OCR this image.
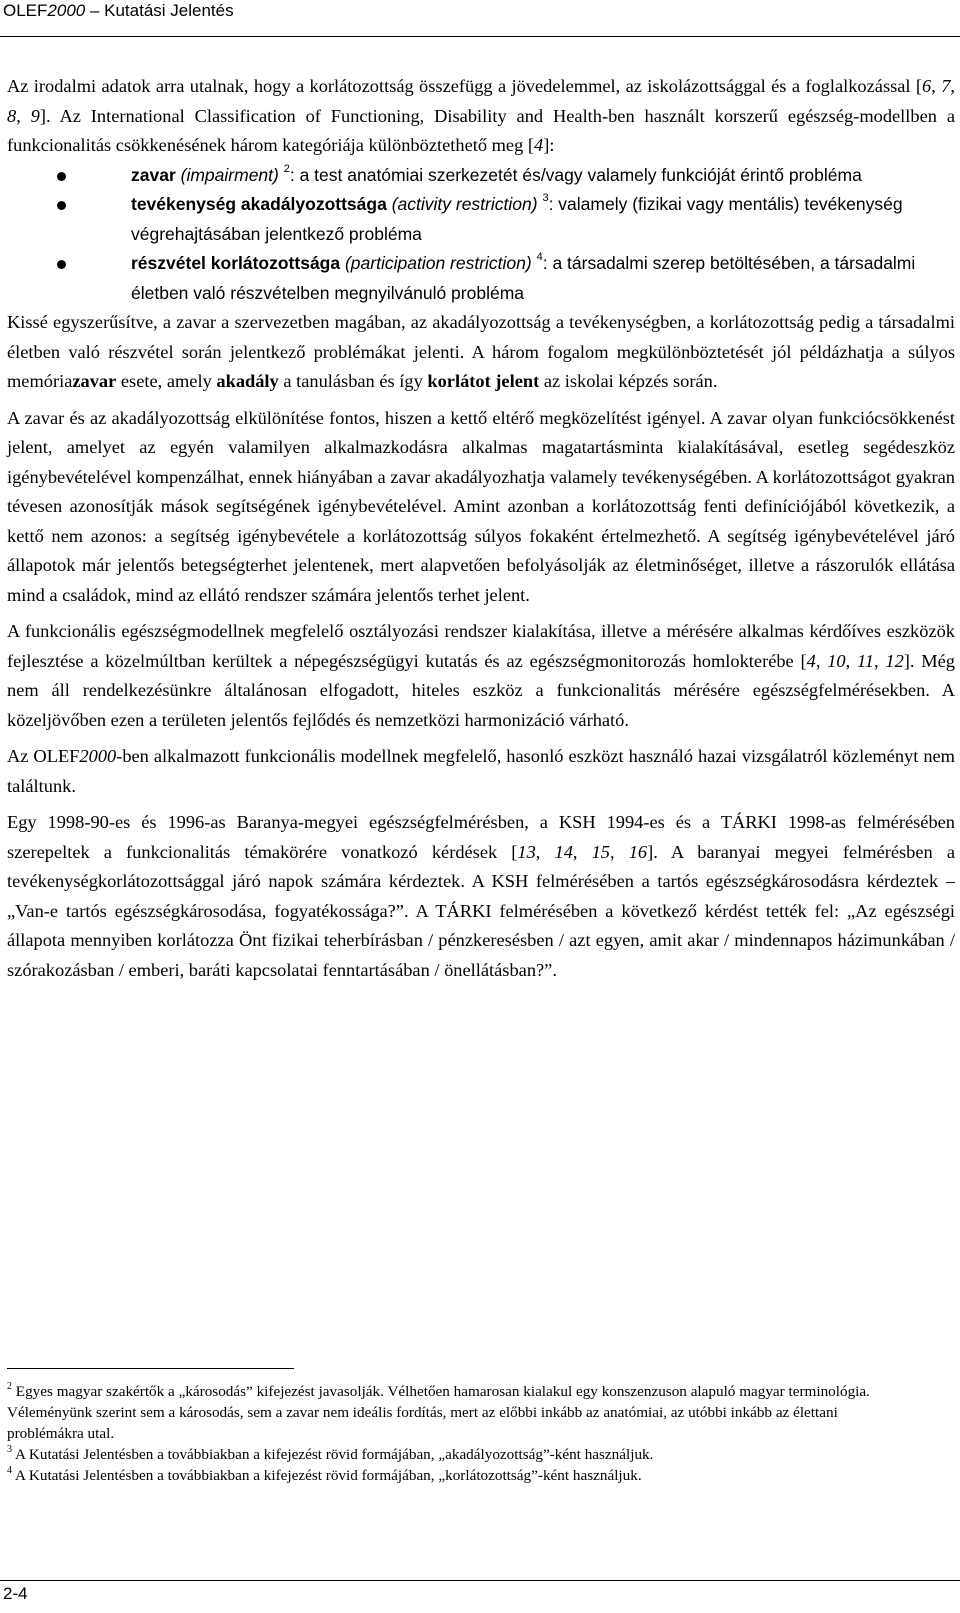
OLEF2000 – Kutatási Jelentés

Az irodalmi adatok arra utalnak, hogy a korlátozottság összefügg a jövedelemmel, az iskolázottsággal és a foglalkozással [6, 7, 8, 9]. Az International Classification of Functioning, Disability and Health-ben használt korszerű egészség-modellben a funkcionalitás csökkenésének három kategóriája különböztethető meg [4]:

zavar (impairment) $^2$: a test anatómiai szerkezetét és/vagy valamely funkcióját érintő probléma
tevékenység akadályozottsága (activity restriction) $^3$: valamely (fizikai vagy mentális) tevékenység végrehajtásában jelentkező probléma
részvétel korlátozottsága (participation restriction) $^4$: a társadalmi szerep betöltésében, a társadalmi életben való részvételben megnyilvánuló probléma

Kissé egyszerűsítve, a zavar a szervezetben magában, az akadályozottság a tevékenységben, a korlátozottság pedig a társadalmi életben való részvétel során jelentkező problémákat jelenti. A három fogalom megkülönböztetését jól példázhatja a súlyos memóriazavar esete, amely akadály a tanulásban és így korlátot jelent az iskolai képzés során.

A zavar és az akadályozottság elkülönítése fontos, hiszen a kettő eltérő megközelítést igényel. A zavar olyan funkciócsökkenést jelent, amelyet az egyén valamilyen alkalmazkodásra alkalmas magatartásminta kialakításával, esetleg segédeszköz igénybevételével kompenzálhat, ennek hiányában a zavar akadályozhatja valamely tevékenységében. A korlátozottságot gyakran tévesen azonosítják mások segítségének igénybevételével. Amint azonban a korlátozottság fenti definíciójából következik, a kettő nem azonos: a segítség igénybevétele a korlátozottság súlyos fokaként értelmezhető. A segítség igénybevételével járó állapotok már jelentős betegségterhet jelentenek, mert alapvetően befolyásolják az életminőséget, illetve a rászorulók ellátása mind a családok, mind az ellátó rendszer számára jelentős terhet jelent.

A funkcionális egészségmodellnek megfelelő osztályozási rendszer kialakítása, illetve a mérésére alkalmas kérdőíves eszközök fejlesztése a közelmúltban kerültek a népegészségügyi kutatás és az egészségmonitorozás homlokterébe [4, 10, 11, 12]. Még nem áll rendelkezésünkre általánosan elfogadott, hiteles eszköz a funkcionalitás mérésére egészségfelmérésekben. A közeljövőben ezen a területen jelentős fejlődés és nemzetközi harmonizáció várható.

Az OLEF2000-ben alkalmazott funkcionális modellnek megfelelő, hasonló eszközt használó hazai vizsgálatról közleményt nem találtunk.

Egy 1998-90-es és 1996-as Baranya-megyei egészségfelmérésben, a KSH 1994-es és a TÁRKI 1998-as felmérésében szerepeltek a funkcionalitás témakörére vonatkozó kérdések [13, 14, 15, 16]. A baranyai megyei felmérésben a tevékenységkorlátozottsággal járó napok számára kérdeztek. A KSH felmérésében a tartós egészségkárosodásra kérdeztek – „Van-e tartós egészségkárosodása, fogyatékossága?”. A TÁRKI felmérésében a következő kérdést tették fel: „Az egészségi állapota mennyiben korlátozza Önt fizikai teherbírásban / pénzkeresésben / azt egyen, amit akar / mindennapos házimunkában / szórakozásban / emberi, baráti kapcsolatai fenntartásában / önellátásban?”.

$^2$ Egyes magyar szakértők a „károsodás” kifejezést javasolják. Vélhetően hamarosan kialakul egy konszenzuson alapuló magyar terminológia. Véleményünk szerint sem a károsodás, sem a zavar nem ideális fordítás, mert az előbbi inkább az anatómiai, az utóbbi inkább az élettani problémákra utal.

$^3$ A Kutatási Jelentésben a továbbiakban a kifejezést rövid formájában, „akadályozottság”-ként használjuk.

$^4$ A Kutatási Jelentésben a továbbiakban a kifejezést rövid formájában, „korlátozottság”-ként használjuk.

2-4
